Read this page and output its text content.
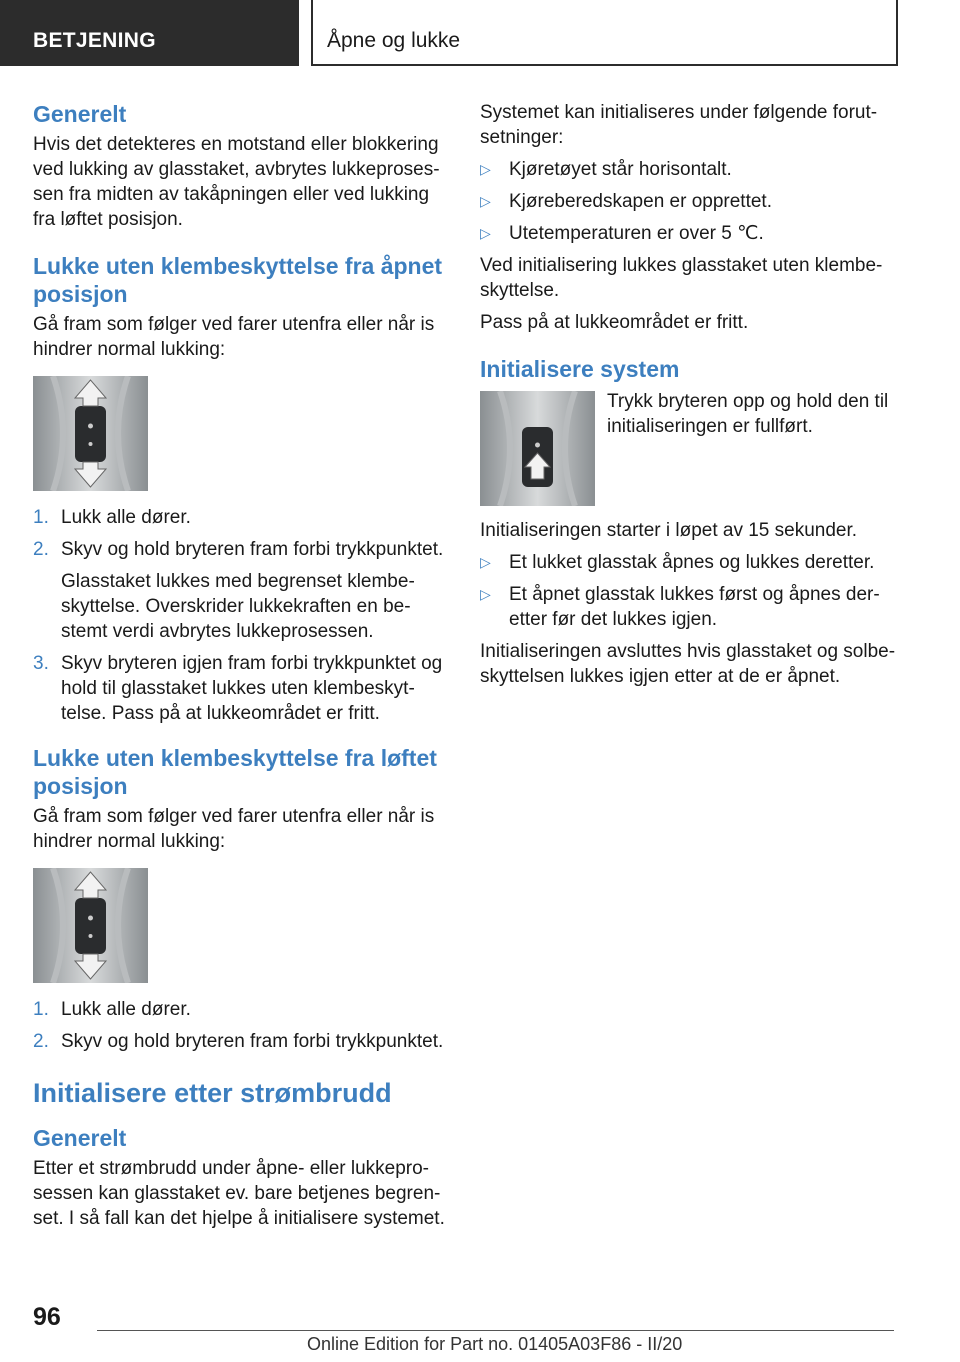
BETJENING	Åpne og lukke
Generelt

Hvis det detekteres en motstand eller blokkering ved lukking av glasstaket, avbrytes lukkeproses-sen fra midten av takåpningen eller ved lukking fra løftet posisjon.

Lukke uten klembeskyttelse fra åpnet posisjon

Gå fram som følger ved farer utenfra eller når is hindrer normal lukking:

1. Lukk alle dører.
2. Skyv og hold bryteren fram forbi trykkpunktet.

Glasstaket lukkes med begrenset klembe-skyttelse. Overskrider lukkekraften en be-stemt verdi avbrytes lukkeprosessen.

3. Skyv bryteren igjen fram forbi trykkpunktet og hold til glasstaket lukkes uten klembeskyt-telse. Pass på at lukkeområdet er fritt.
Lukke uten klembeskyttelse fra løftet posisjon

Gå fram som følger ved farer utenfra eller når is hindrer normal lukking:

1. Lukk alle dører.
2. Skyv og hold bryteren fram forbi trykkpunktet.
Initialisere etter strømbrudd
Generelt

Etter et strømbrudd under åpne- eller lukkepro-sessen kan glasstaket ev. bare betjenes begren-set. I så fall kan det hjelpe å initialisere systemet.

Systemet kan initialiseres under følgende forut-setninger:

▷ Kjøretøyet står horisontalt.
▷ Kjøreberedskapen er opprettet.
▷ Utetemperaturen er over 5 ℃.

Ved initialisering lukkes glasstaket uten klembe-skyttelse.

Pass på at lukkeområdet er fritt.

Initialisere system

Trykk bryteren opp og hold den til initialiseringen er fullført.

Initialiseringen starter i løpet av 15 sekunder.

▷ Et lukket glasstak åpnes og lukkes deretter.
▷ Et åpnet glasstak lukkes først og åpnes der-etter før det lukkes igjen.

Initialiseringen avsluttes hvis glasstaket og solbe-skyttelsen lukkes igjen etter at de er åpnet.

96
Online Edition for Part no. 01405A03F86 - II/20
